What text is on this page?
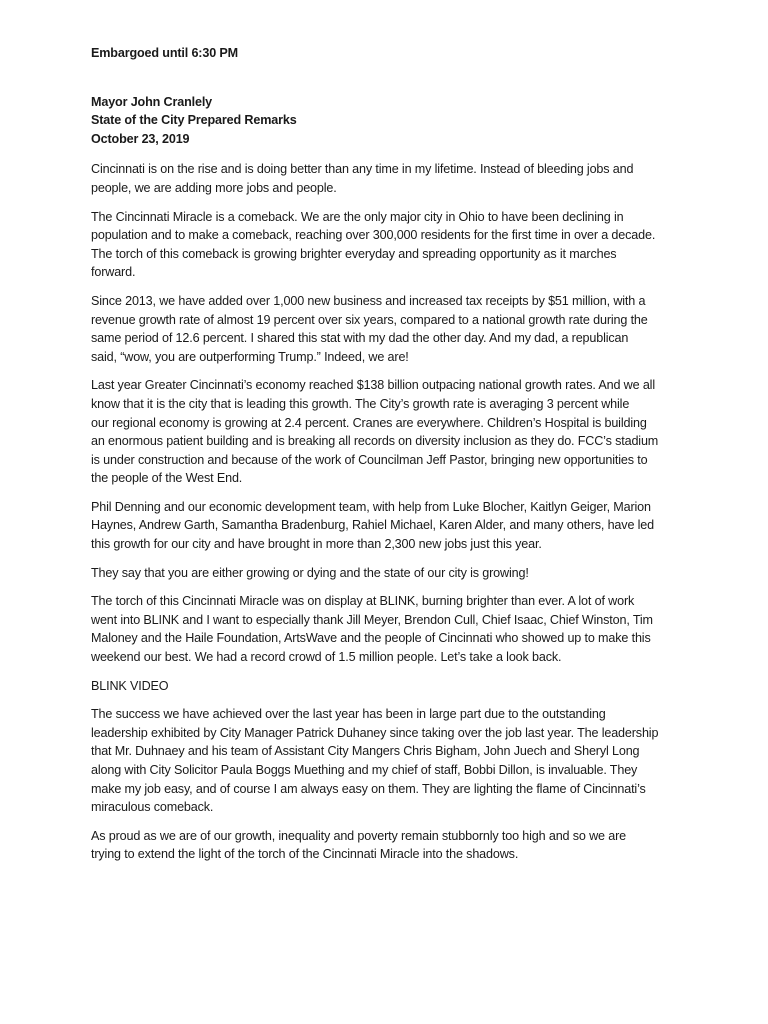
Embargoed until 6:30 PM

Mayor John Cranlely

State of the City Prepared Remarks

October 23, 2019

Cincinnati is on the rise and is doing better than any time in my lifetime. Instead of bleeding jobs and

people, we are adding more jobs and people.

The Cincinnati Miracle is a comeback. We are the only major city in Ohio to have been declining in

population and to make a comeback, reaching over 300,000 residents for the first time in over a decade.

The torch of this comeback is growing brighter everyday and spreading opportunity as it marches

forward.

Since 2013, we have added over 1,000 new business and increased tax receipts by $51 million, with a

revenue growth rate of almost 19 percent over six years, compared to a national growth rate during the

same period of 12.6 percent. I shared this stat with my dad the other day. And my dad, a republican

said, “wow, you are outperforming Trump.” Indeed, we are!

Last year Greater Cincinnati’s economy reached $138 billion outpacing national growth rates. And we all

know that it is the city that is leading this growth. The City’s growth rate is averaging 3 percent while

our regional economy is growing at 2.4 percent. Cranes are everywhere. Children’s Hospital is building

an enormous patient building and is breaking all records on diversity inclusion as they do. FCC’s stadium

is under construction and because of the work of Councilman Jeff Pastor, bringing new opportunities to

the people of the West End.

Phil Denning and our economic development team, with help from Luke Blocher, Kaitlyn Geiger, Marion

Haynes, Andrew Garth, Samantha Bradenburg, Rahiel Michael, Karen Alder, and many others, have led

this growth for our city and have brought in more than 2,300 new jobs just this year.

They say that you are either growing or dying and the state of our city is growing!

The torch of this Cincinnati Miracle was on display at BLINK, burning brighter than ever. A lot of work

went into BLINK and I want to especially thank Jill Meyer, Brendon Cull, Chief Isaac, Chief Winston, Tim

Maloney and the Haile Foundation, ArtsWave and the people of Cincinnati who showed up to make this

weekend our best. We had a record crowd of 1.5 million people. Let’s take a look back.

BLINK VIDEO

The success we have achieved over the last year has been in large part due to the outstanding

leadership exhibited by City Manager Patrick Duhaney since taking over the job last year. The leadership

that Mr. Duhnaey and his team of Assistant City Mangers Chris Bigham, John Juech and Sheryl Long

along with City Solicitor Paula Boggs Muething and my chief of staff, Bobbi Dillon, is invaluable. They

make my job easy, and of course I am always easy on them. They are lighting the flame of Cincinnati’s

miraculous comeback.

As proud as we are of our growth, inequality and poverty remain stubbornly too high and so we are

trying to extend the light of the torch of the Cincinnati Miracle into the shadows.
